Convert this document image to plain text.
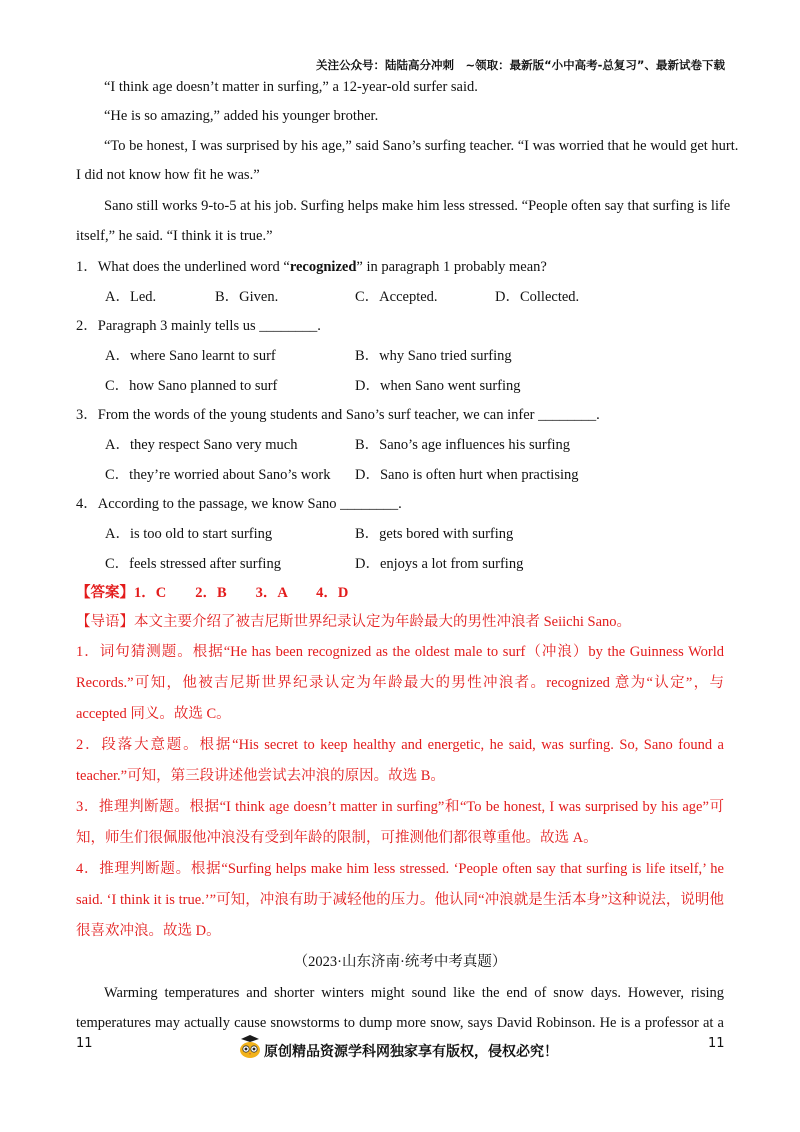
关注公众号：陆陆高分冲刺　~领取：最新版“小中高考-总复习”、最新试卷下载
“I think age doesn’t matter in surfing,” a 12-year-old surfer said.
“He is so amazing,” added his younger brother.
“To be honest, I was surprised by his age,” said Sano’s surfing teacher. “I was worried that he would get hurt.
I did not know how fit he was.”
Sano still works 9-to-5 at his job. Surfing helps make him less stressed. “People often say that surfing is life
itself,” he said. “I think it is true.”
1．What does the underlined word “recognized” in paragraph 1 probably mean?
A．Led.	B．Given.	C．Accepted.	D．Collected.
2．Paragraph 3 mainly tells us ________.
A．where Sano learnt to surf	B．why Sano tried surfing
C．how Sano planned to surf	D．when Sano went surfing
3．From the words of the young students and Sano’s surf teacher, we can infer ________.
A．they respect Sano very much	B．Sano’s age influences his surfing
C．they’re worried about Sano’s work D．Sano is often hurt when practising
4．According to the passage, we know Sano ________.
A．is too old to start surfing	B．gets bored with surfing
C．feels stressed after surfing	D．enjoys a lot from surfing
【答案】1．C　　2．B　　3．A　　4．D
【导语】本文主要介绍了被吉尼斯世界纪录认定为年龄最大的男性冲浪者 Seiichi Sano。
1．词句猜测题。根据“He has been recognized as the oldest male to surf（冲浪）by the Guinness World
Records.”可知，他被吉尼斯世界纪录认定为年龄最大的男性冲浪者。recognized 意为“认定”，与
accepted 同义。故选 C。
2．段落大意题。根据“His secret to keep healthy and energetic, he said, was surfing. So, Sano found a
teacher.”可知，第三段讲述他尝试去冲浪的原因。故选 B。
3．推理判断题。根据“I think age doesn’t matter in surfing”和“To be honest, I was surprised by his age”可
知，师生们很佩服他冲浪没有受到年龄的限制，可推测他们都很尊重他。故选 A。
4．推理判断题。根据“Surfing helps make him less stressed. ‘People often say that surfing is life itself,’ he
said. ‘I think it is true.’”可知，冲浪有助于减轻他的压力。他认同“冲浪就是生活本身”这种说法，说明他
很喜欢冲浪。故选 D。
（2023·山东济南·统考中考真题）
Warming temperatures and shorter winters might sound like the end of snow days. However, rising
temperatures may actually cause snowstorms to dump more snow, says David Robinson. He is a professor at a
11	11
原创精品资源学科网独家享有版权，侵权必究！
